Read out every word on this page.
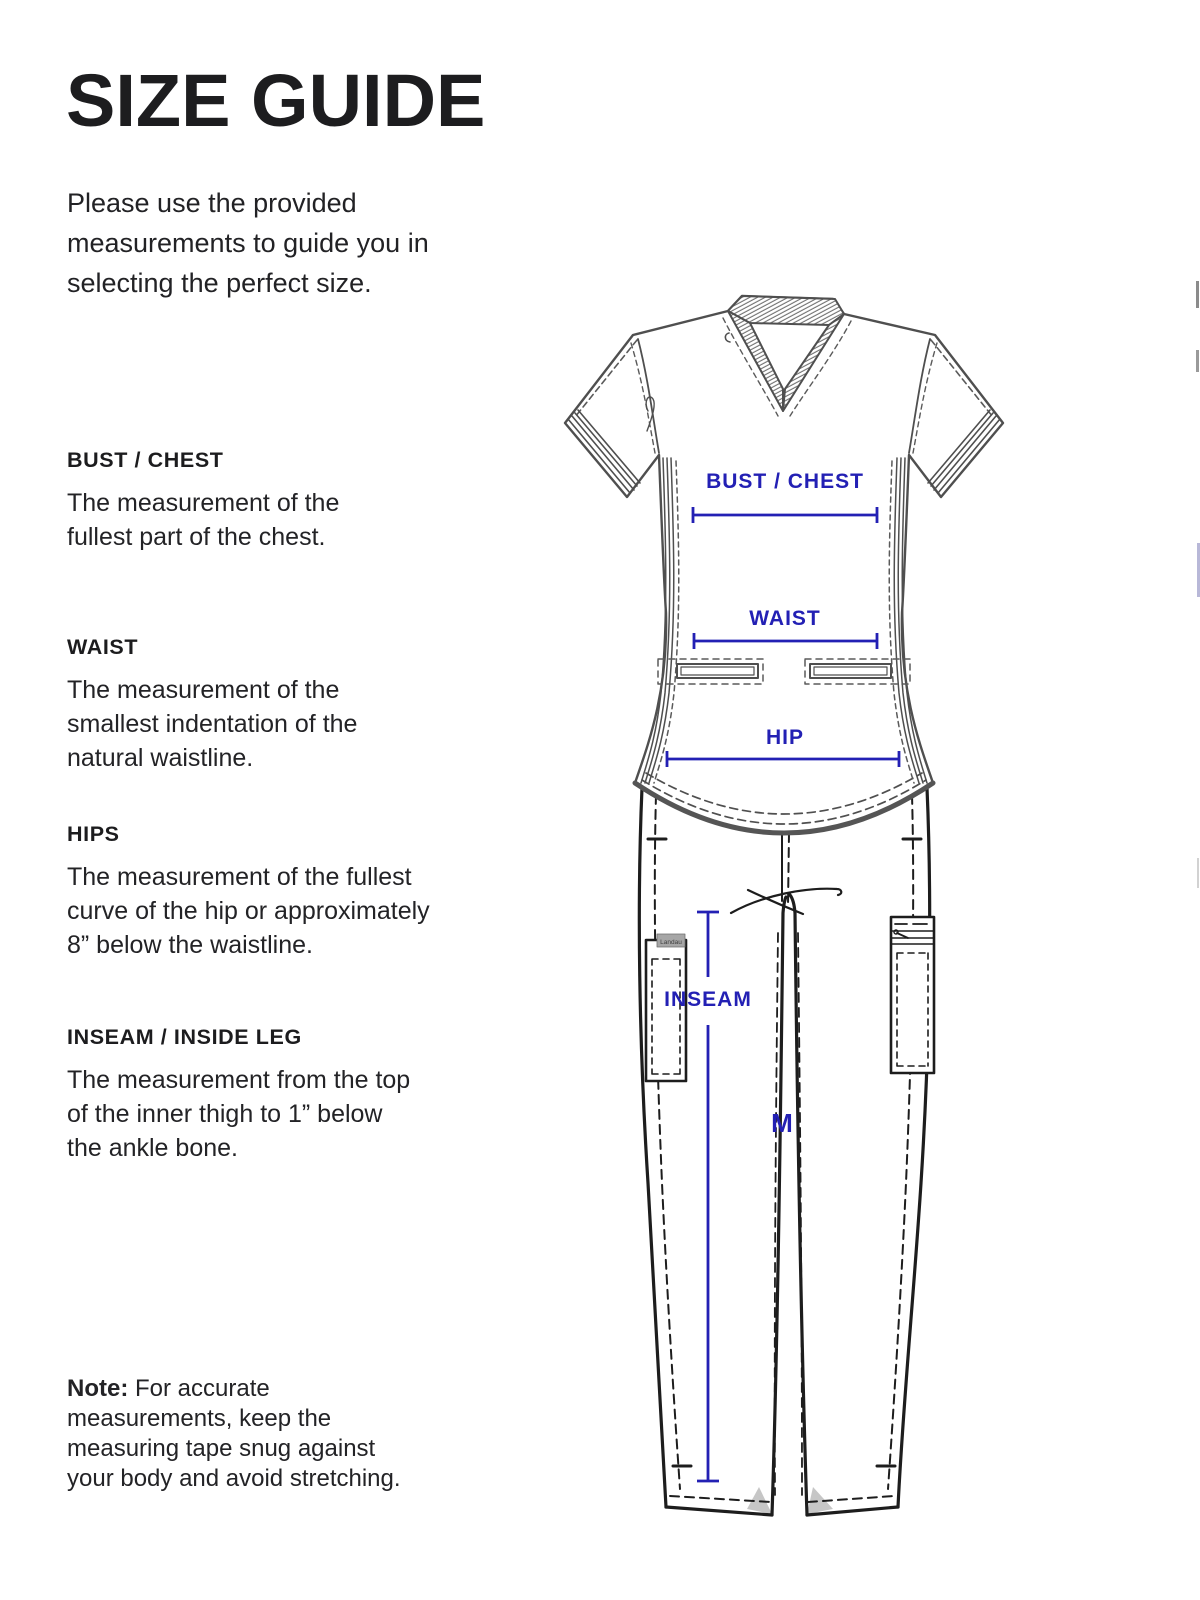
SIZE GUIDE
Please use the provided
measurements to guide you in
selecting the perfect size.
BUST / CHEST
The measurement of the
fullest part of the chest.
WAIST
The measurement of the
smallest indentation of the
natural waistline.
HIPS
The measurement of the fullest
curve of the hip or approximately
8” below the waistline.
INSEAM / INSIDE LEG
The measurement from the top
of the inner thigh to 1” below
the ankle bone.
Note: For accurate
measurements, keep the
measuring tape snug against
your body and avoid stretching.
Landau
BUST / CHEST
WAIST
HIP
INSEAM
M
